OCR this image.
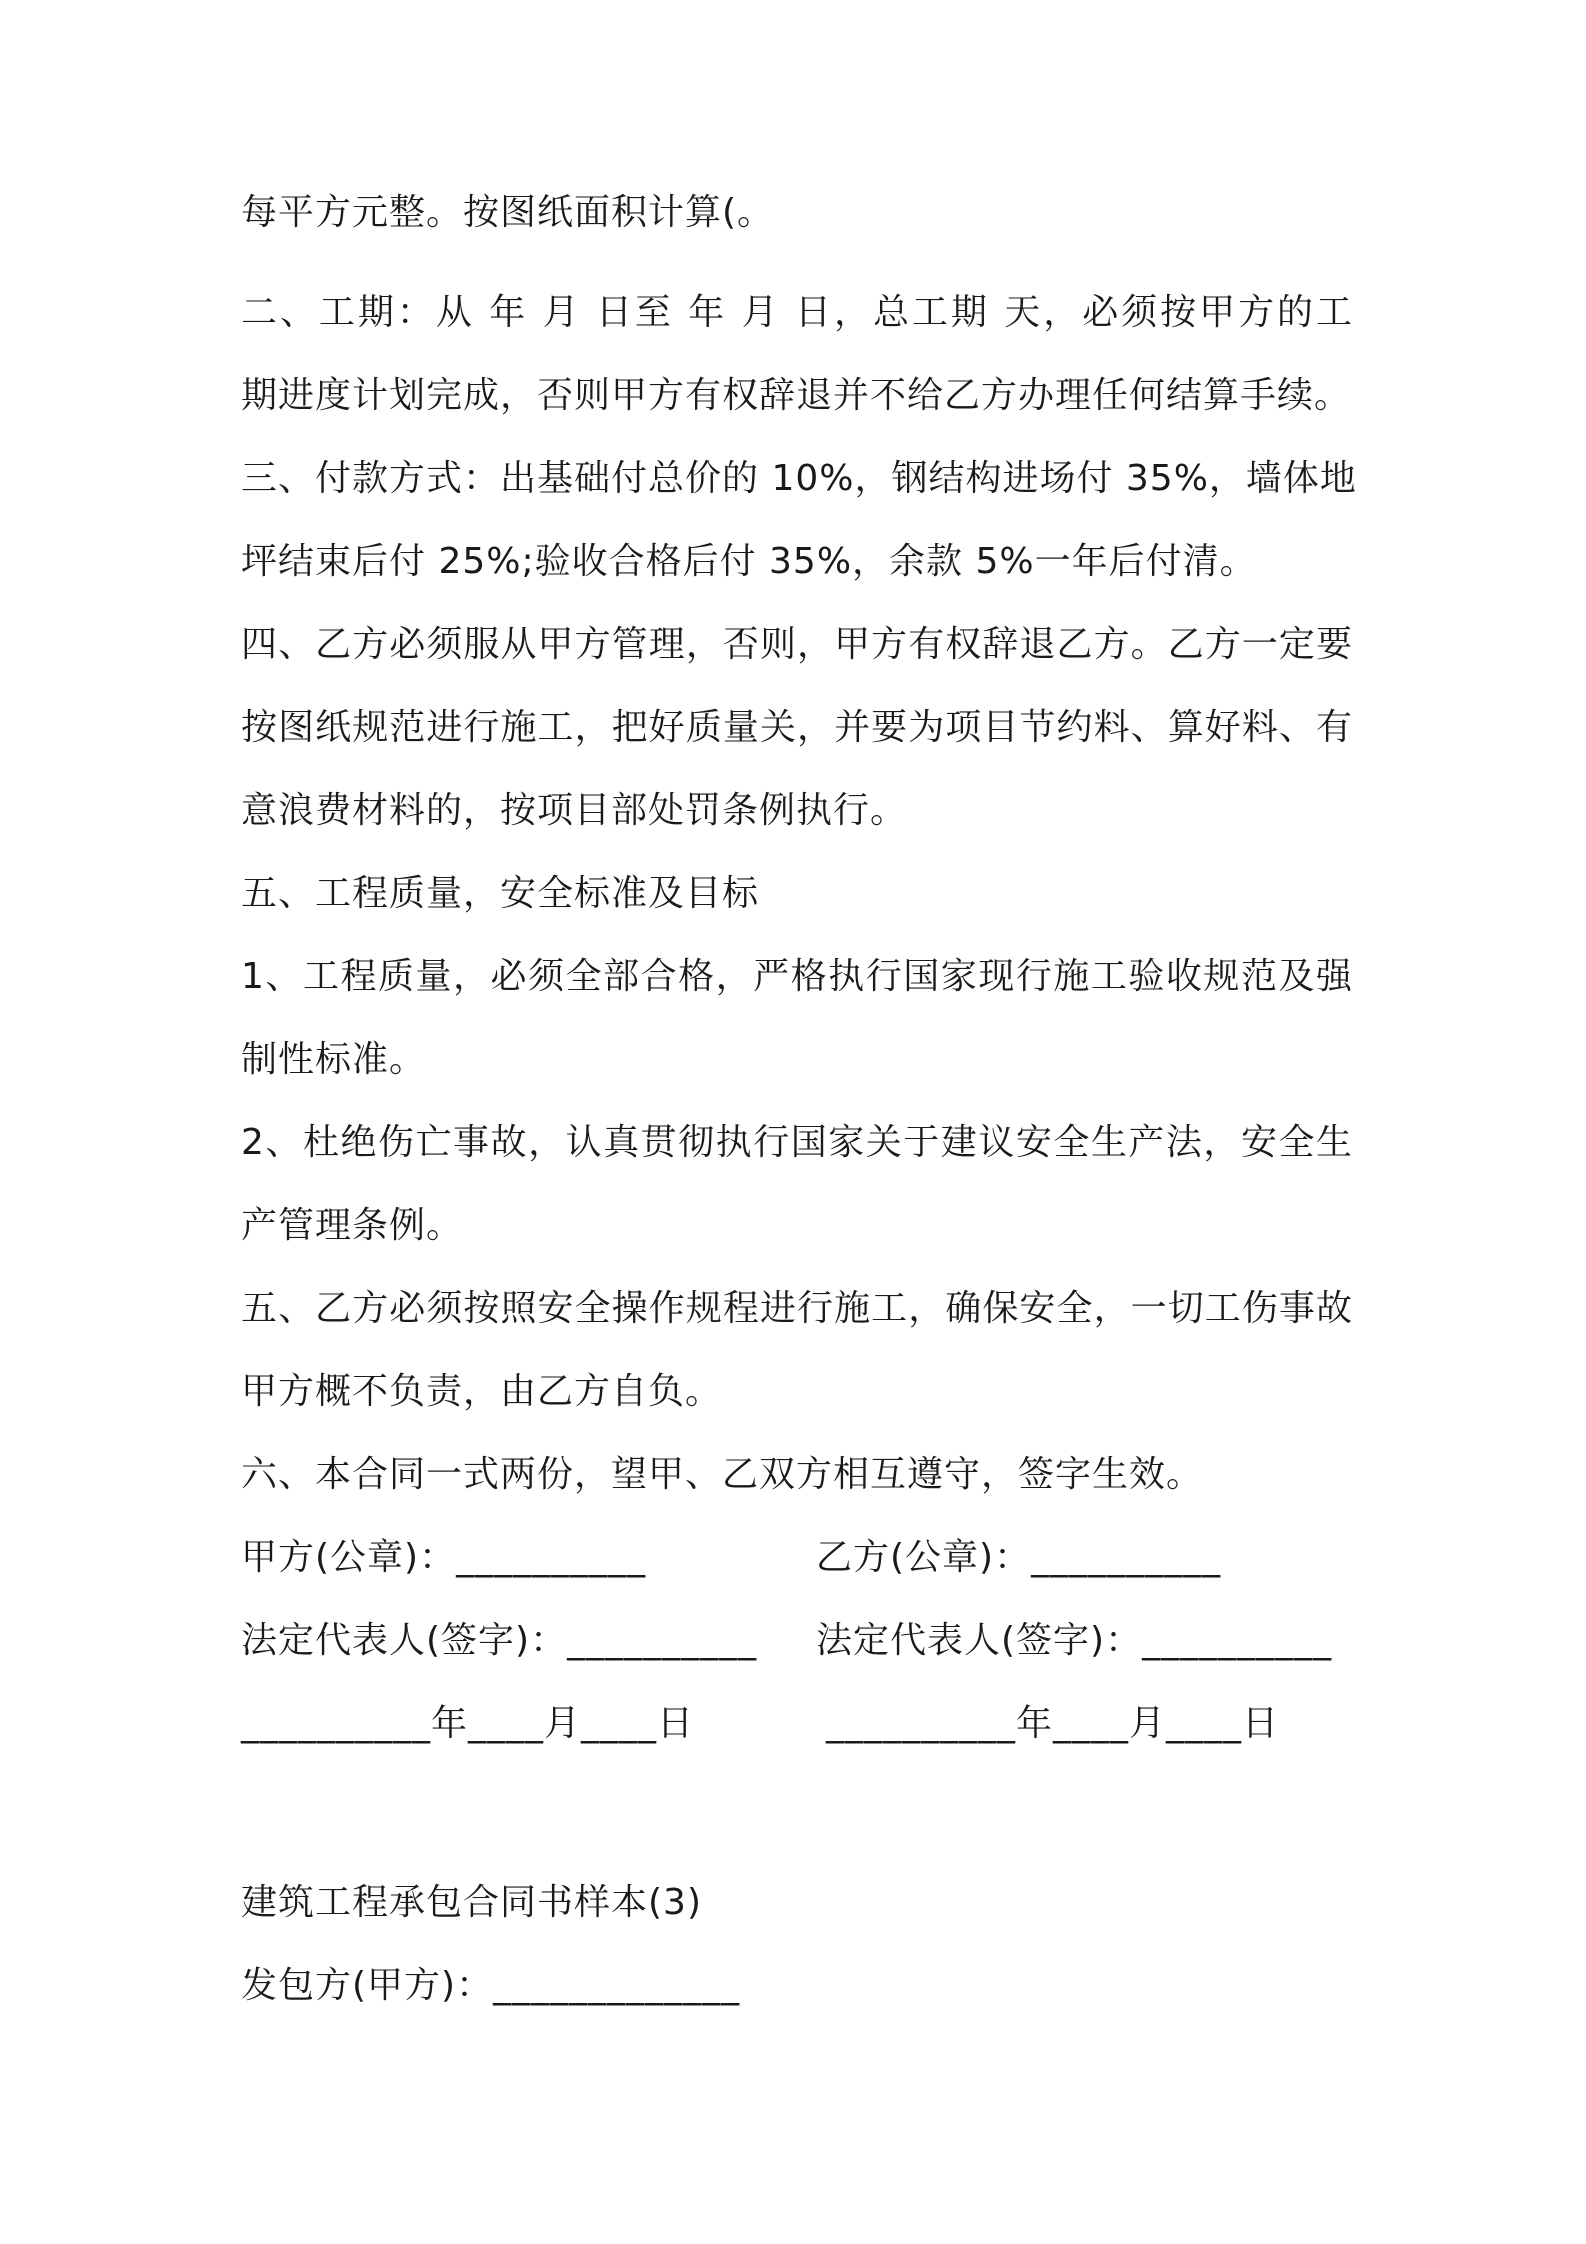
每平方元整。按图纸面积计算(。
二、工期：从 年 月 日至 年 月 日，总工期 天，必须按甲方的工
期进度计划完成，否则甲方有权辞退并不给乙方办理任何结算手续。
三、付款方式：出基础付总价的 10%，钢结构进场付 35%，墙体地
坪结束后付 25%;验收合格后付 35%，余款 5%一年后付清。
四、乙方必须服从甲方管理，否则，甲方有权辞退乙方。乙方一定要
按图纸规范进行施工，把好质量关，并要为项目节约料、算好料、有
意浪费材料的，按项目部处罚条例执行。
五、工程质量，安全标准及目标
1、工程质量，必须全部合格，严格执行国家现行施工验收规范及强
制性标准。
2、杜绝伤亡事故，认真贯彻执行国家关于建议安全生产法，安全生
产管理条例。
五、乙方必须按照安全操作规程进行施工，确保安全，一切工伤事故
甲方概不负责，由乙方自负。
六、本合同一式两份，望甲、乙双方相互遵守，签字生效。
甲方(公章)：__________	乙方(公章)：__________
法定代表人(签字)：__________ 法定代表人(签字)：__________
__________年____月____日	__________年____月____日
建筑工程承包合同书样本(3)
发包方(甲方)：_____________
